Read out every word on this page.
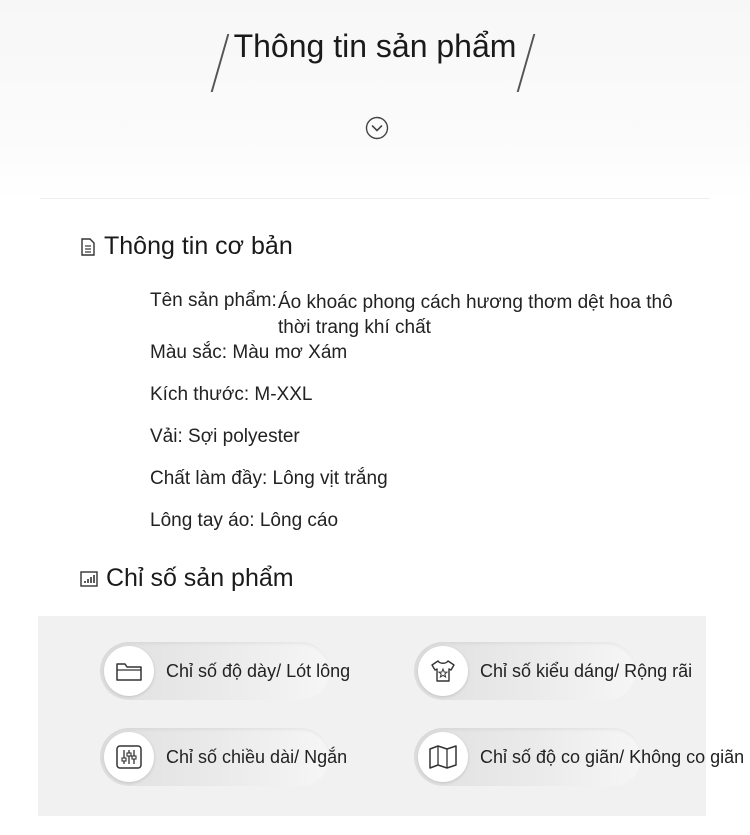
Thông tin sản phẩm
Thông tin cơ bản
Tên sản phẩm: Áo khoác phong cách hương thơm dệt hoa thô
thời trang khí chất
Màu sắc: Màu mơ Xám
Kích thước: M-XXL
Vải: Sợi polyester
Chất làm đầy: Lông vịt trắng
Lông tay áo: Lông cáo
Chỉ số sản phẩm
Chỉ số độ dày/ Lót lông	Chỉ số kiểu dáng/ Rộng rãi
Chỉ số chiều dài/ Ngắn	Chỉ số độ co giãn/ Không co giãn
